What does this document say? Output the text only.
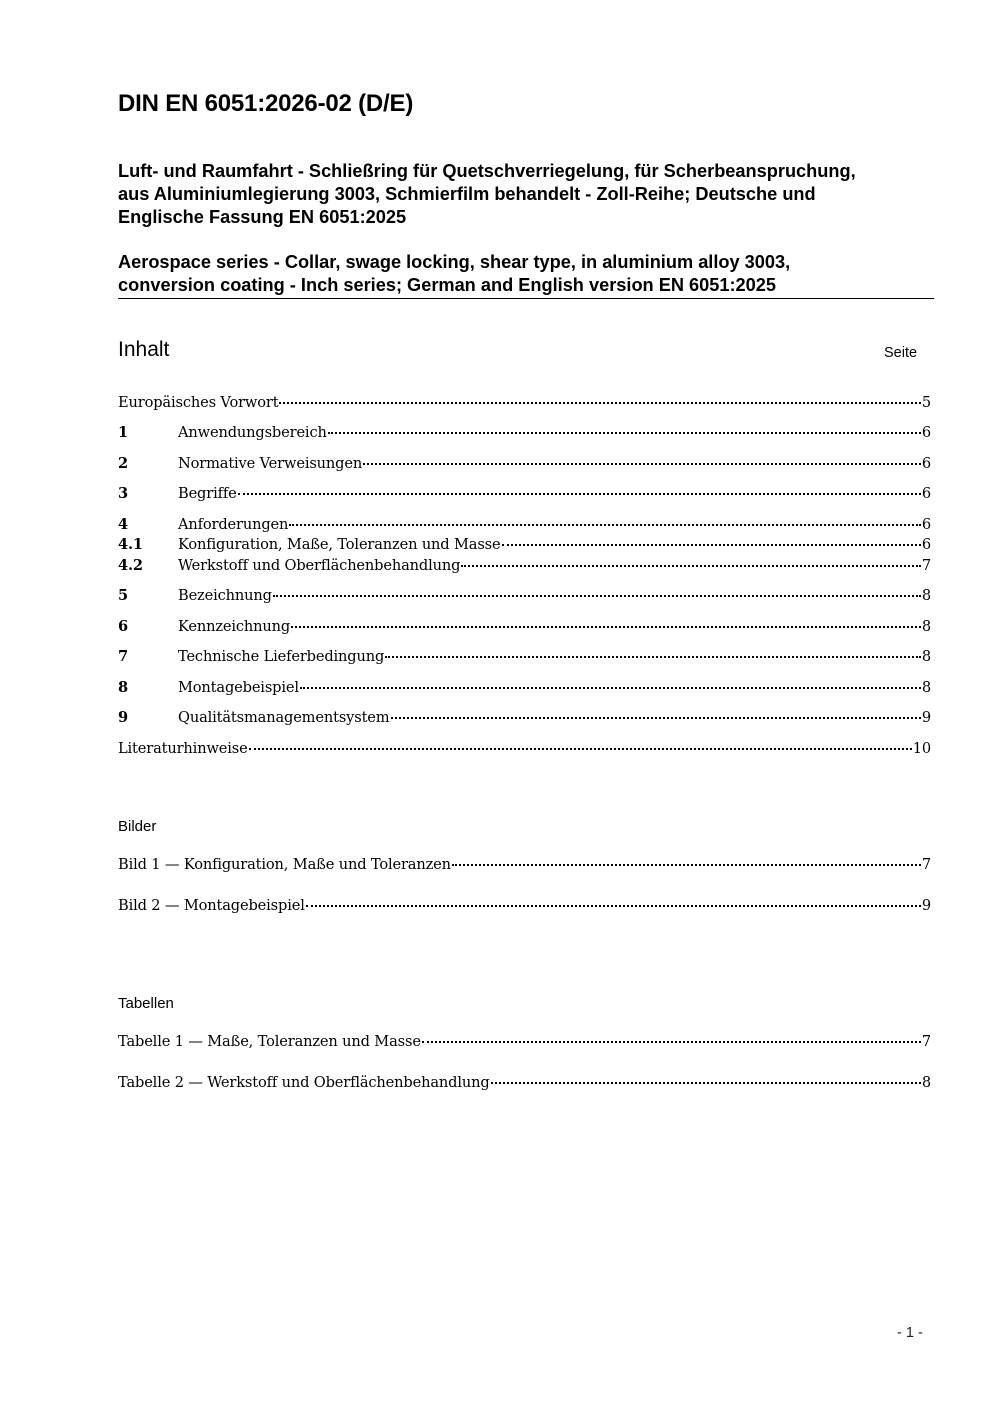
DIN EN 6051:2026-02 (D/E)
Luft- und Raumfahrt - Schließring für Quetschverriegelung, für Scherbeanspruchung,
aus Aluminiumlegierung 3003, Schmierfilm behandelt - Zoll-Reihe; Deutsche und
Englische Fassung EN 6051:2025
Aerospace series - Collar, swage locking, shear type, in aluminium alloy 3003,
conversion coating - Inch series; German and English version EN 6051:2025
Inhalt	Seite
Europäisches Vorwort	5
1	Anwendungsbereich	6
2	Normative Verweisungen	6
3	Begriffe	6
4	Anforderungen	6
4.1	Konfiguration, Maße, Toleranzen und Masse	6
4.2	Werkstoff und Oberflächenbehandlung	7
5	Bezeichnung	8
6	Kennzeichnung	8
7	Technische Lieferbedingung	8
8	Montagebeispiel	8
9	Qualitätsmanagementsystem	9
Literaturhinweise	10
Bilder
Bild 1 — Konfiguration, Maße und Toleranzen	7
Bild 2 — Montagebeispiel	9
Tabellen
Tabelle 1 — Maße, Toleranzen und Masse	7
Tabelle 2 — Werkstoff und Oberflächenbehandlung	8
- 1 -
